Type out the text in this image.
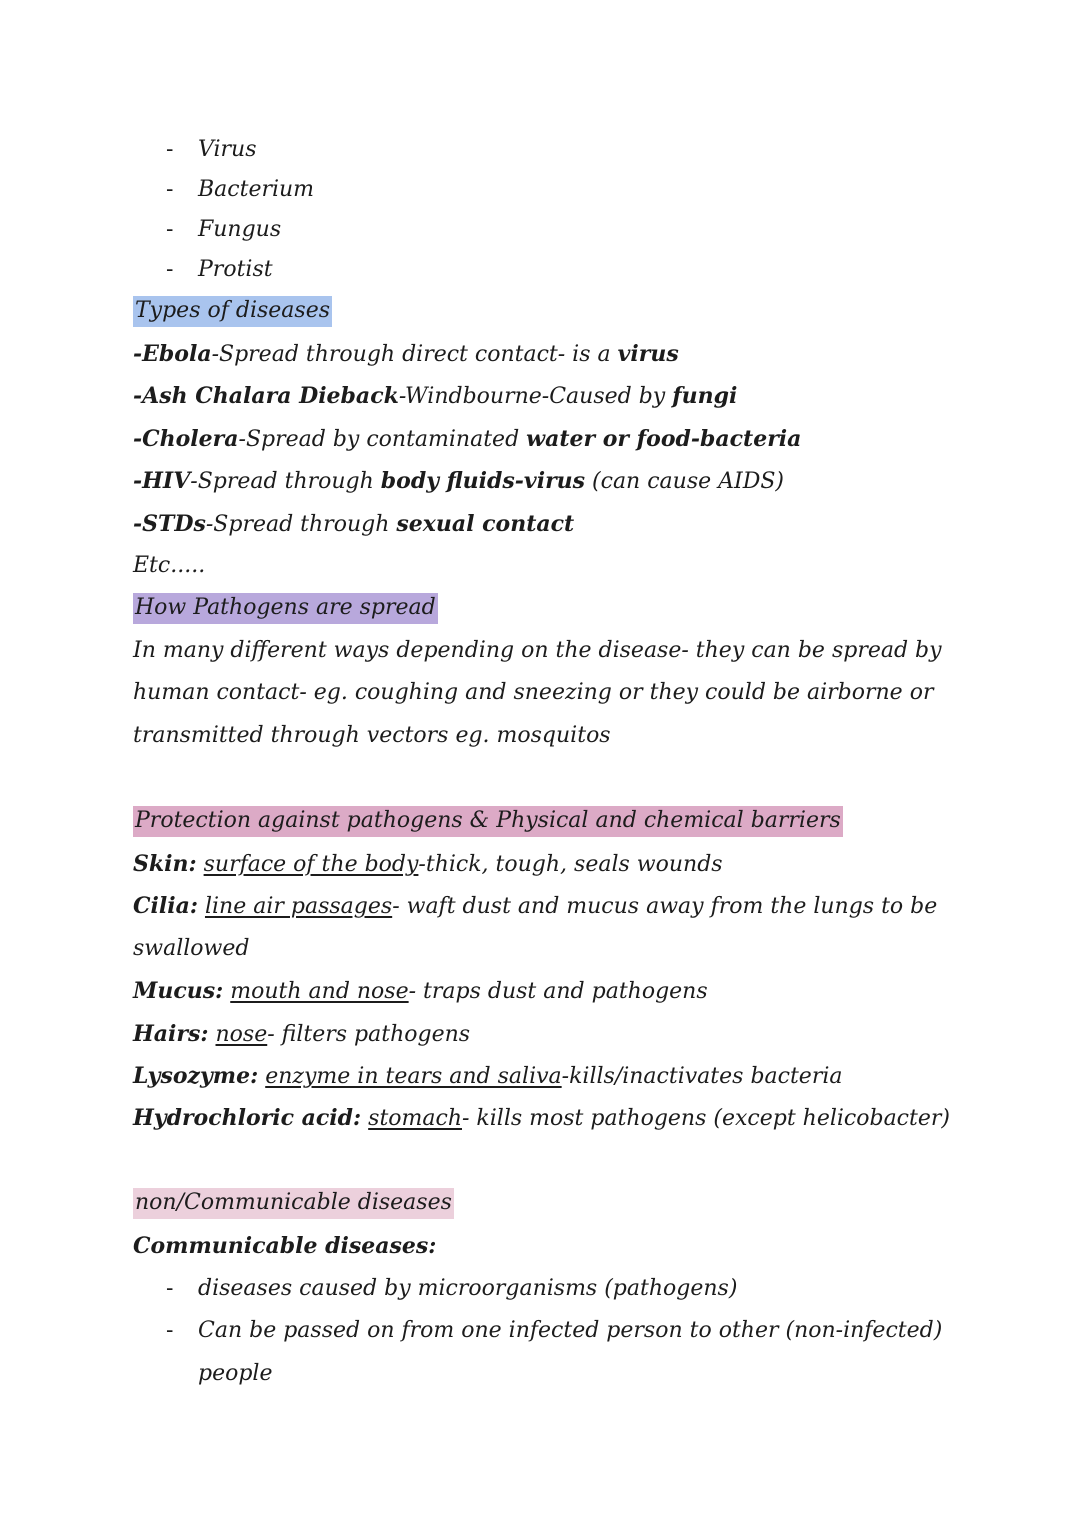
- Virus
- Bacterium
- Fungus
- Protist
Types of diseases
-Ebola-Spread through direct contact- is a virus
-Ash Chalara Dieback-Windbourne-Caused by fungi
-Cholera-Spread by contaminated water or food-bacteria
-HIV-Spread through body fluids-virus (can cause AIDS)
-STDs-Spread through sexual contact
Etc.....
How Pathogens are spread
In many different ways depending on the disease- they can be spread by
human contact- eg. coughing and sneezing or they could be airborne or
transmitted through vectors eg. mosquitos
Protection against pathogens & Physical and chemical barriers
Skin: surface of the body-thick, tough, seals wounds
Cilia: line air passages- waft dust and mucus away from the lungs to be
swallowed
Mucus: mouth and nose- traps dust and pathogens
Hairs: nose- filters pathogens
Lysozyme: enzyme in tears and saliva-kills/inactivates bacteria
Hydrochloric acid: stomach- kills most pathogens (except helicobacter)
non/Communicable diseases
Communicable diseases:
- diseases caused by microorganisms (pathogens)
- Can be passed on from one infected person to other (non-infected)
people
